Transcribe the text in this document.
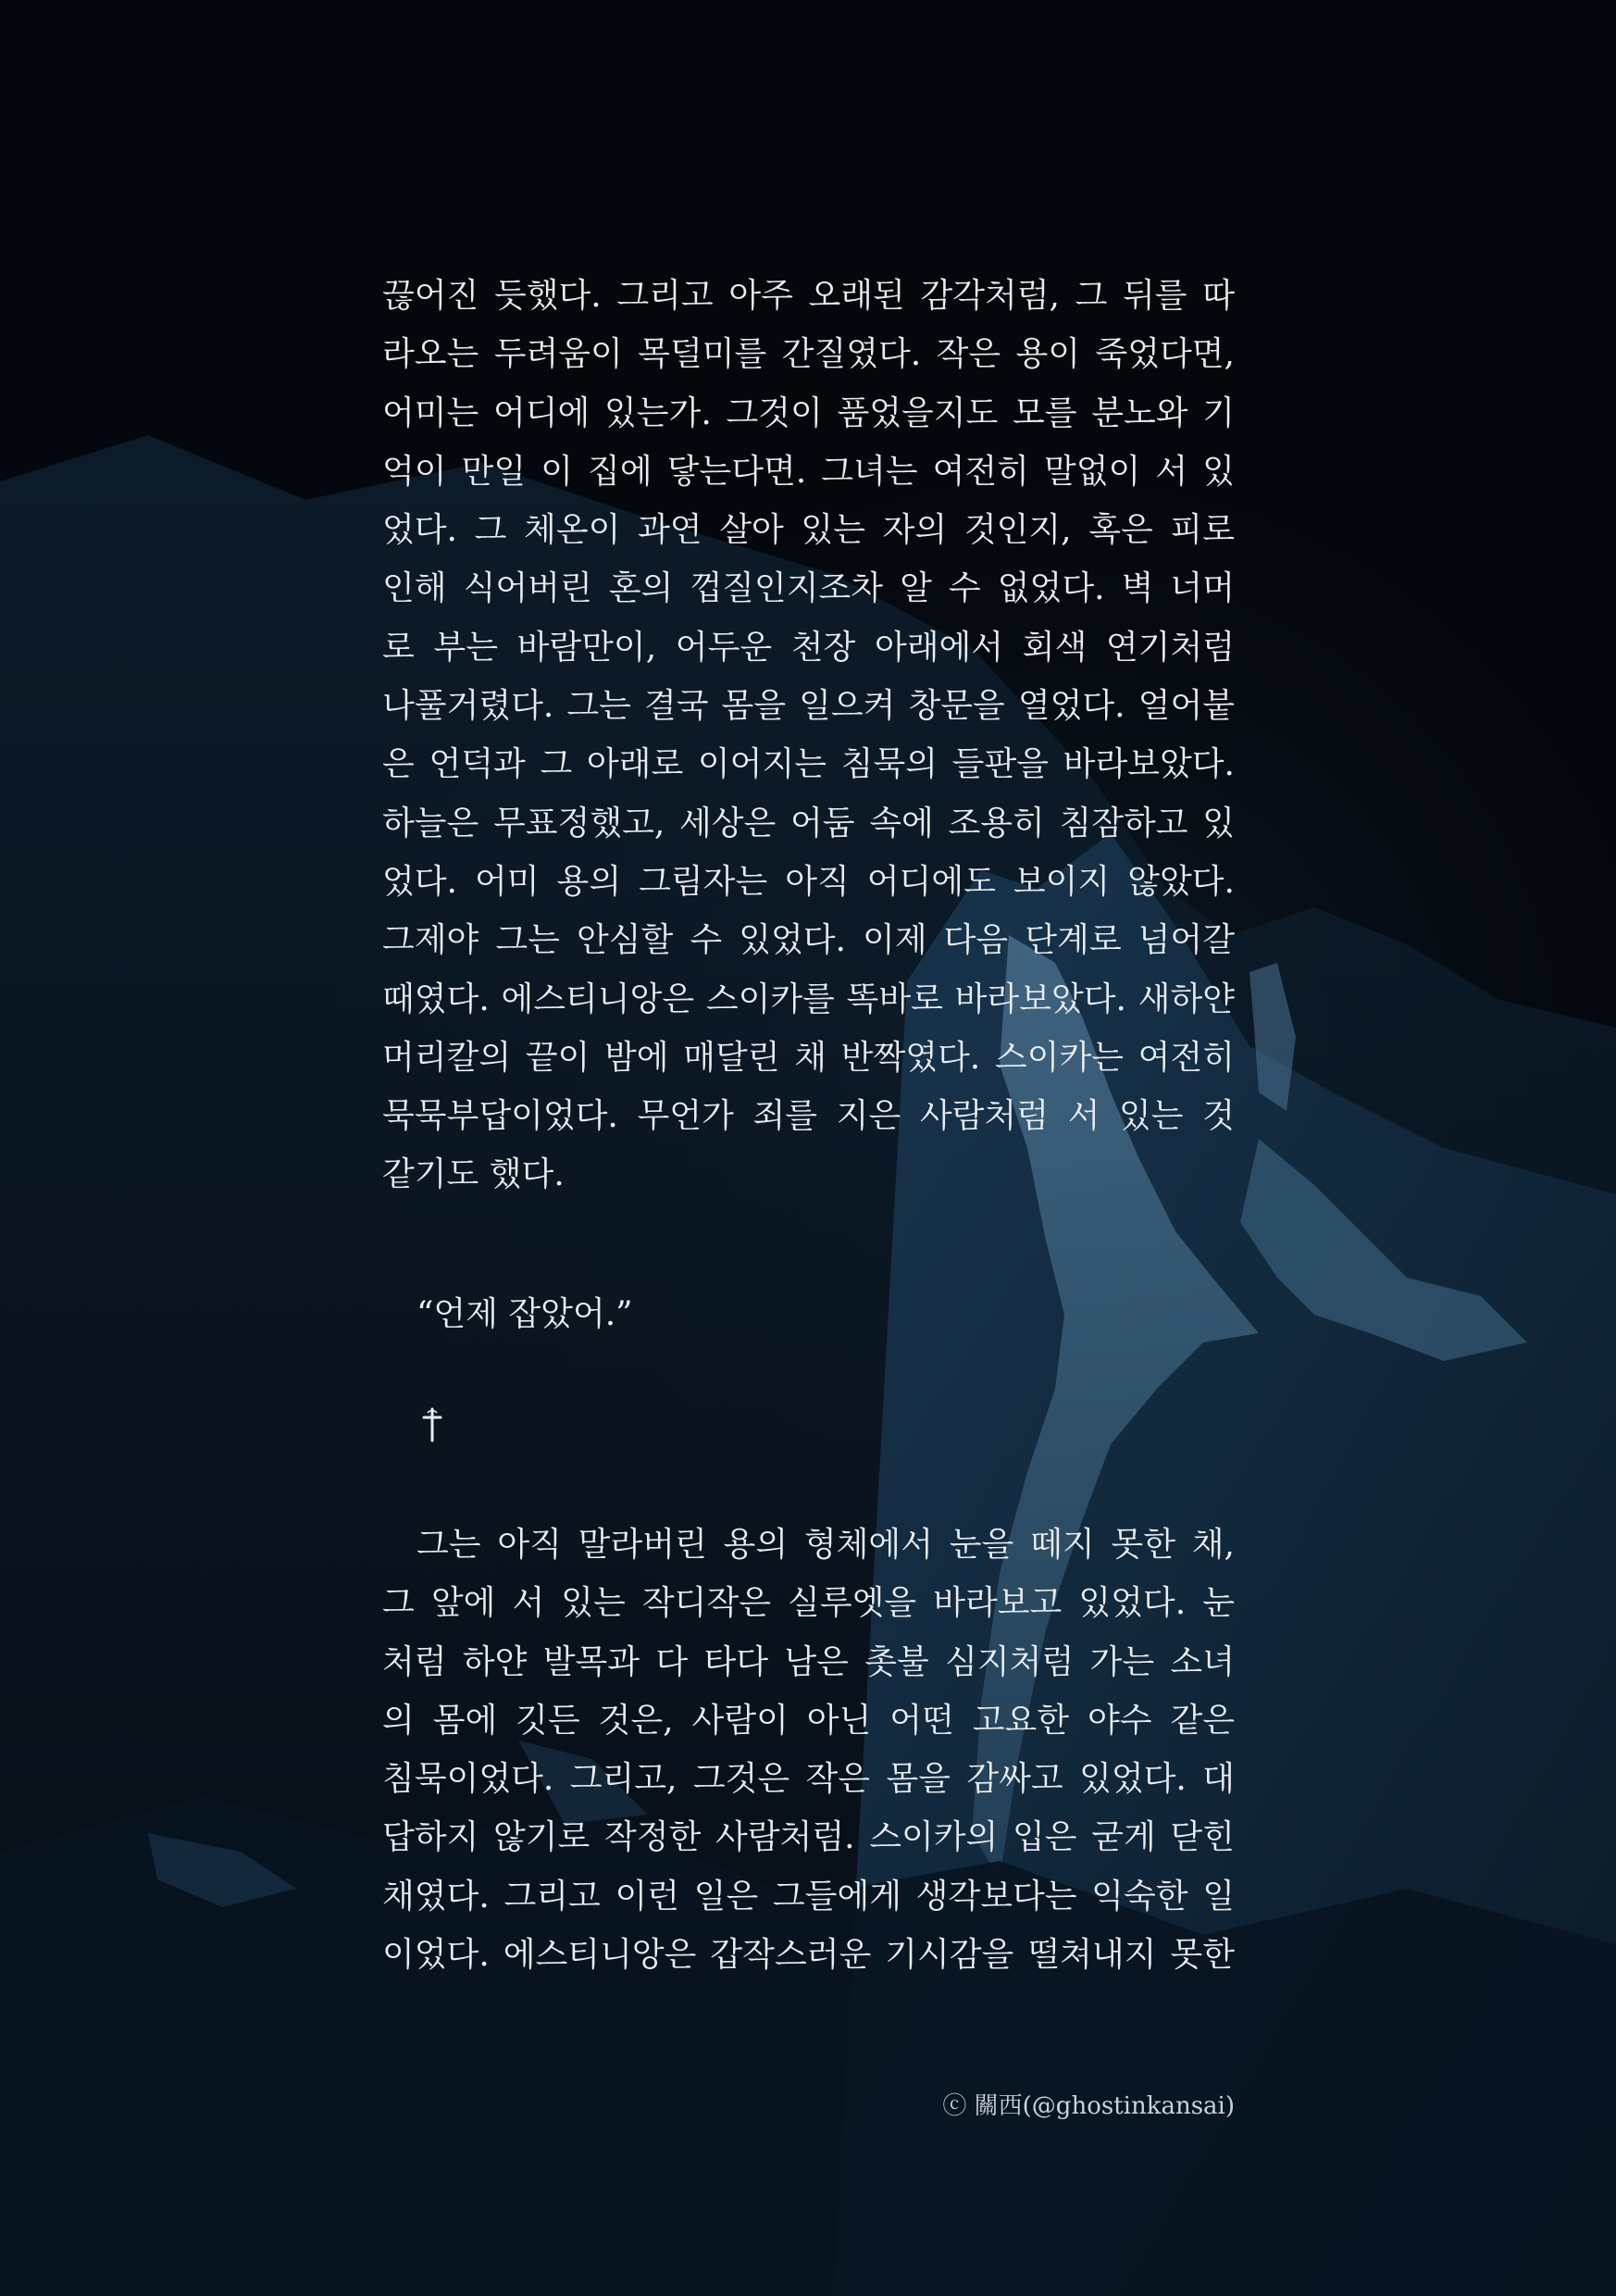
끊어진 듯했다. 그리고 아주 오래된 감각처럼, 그 뒤를 따
라오는 두려움이 목덜미를 간질였다. 작은 용이 죽었다면,
어미는 어디에 있는가. 그것이 품었을지도 모를 분노와 기
억이 만일 이 집에 닿는다면. 그녀는 여전히 말없이 서 있
었다. 그 체온이 과연 살아 있는 자의 것인지, 혹은 피로
인해 식어버린 혼의 껍질인지조차 알 수 없었다. 벽 너머
로 부는 바람만이, 어두운 천장 아래에서 회색 연기처럼
나풀거렸다. 그는 결국 몸을 일으켜 창문을 열었다. 얼어붙
은 언덕과 그 아래로 이어지는 침묵의 들판을 바라보았다.
하늘은 무표정했고, 세상은 어둠 속에 조용히 침잠하고 있
었다. 어미 용의 그림자는 아직 어디에도 보이지 않았다.
그제야 그는 안심할 수 있었다. 이제 다음 단계로 넘어갈
때였다. 에스티니앙은 스이카를 똑바로 바라보았다. 새하얀
머리칼의 끝이 밤에 매달린 채 반짝였다. 스이카는 여전히
묵묵부답이었다. 무언가 죄를 지은 사람처럼 서 있는 것
같기도 했다.
“언제 잡았어.”
그는 아직 말라버린 용의 형체에서 눈을 떼지 못한 채,
그 앞에 서 있는 작디작은 실루엣을 바라보고 있었다. 눈
처럼 하얀 발목과 다 타다 남은 촛불 심지처럼 가는 소녀
의 몸에 깃든 것은, 사람이 아닌 어떤 고요한 야수 같은
침묵이었다. 그리고, 그것은 작은 몸을 감싸고 있었다. 대
답하지 않기로 작정한 사람처럼. 스이카의 입은 굳게 닫힌
채였다. 그리고 이런 일은 그들에게 생각보다는 익숙한 일
이었다. 에스티니앙은 갑작스러운 기시감을 떨쳐내지 못한
ⓒ 關西(@ghostinkansai)
